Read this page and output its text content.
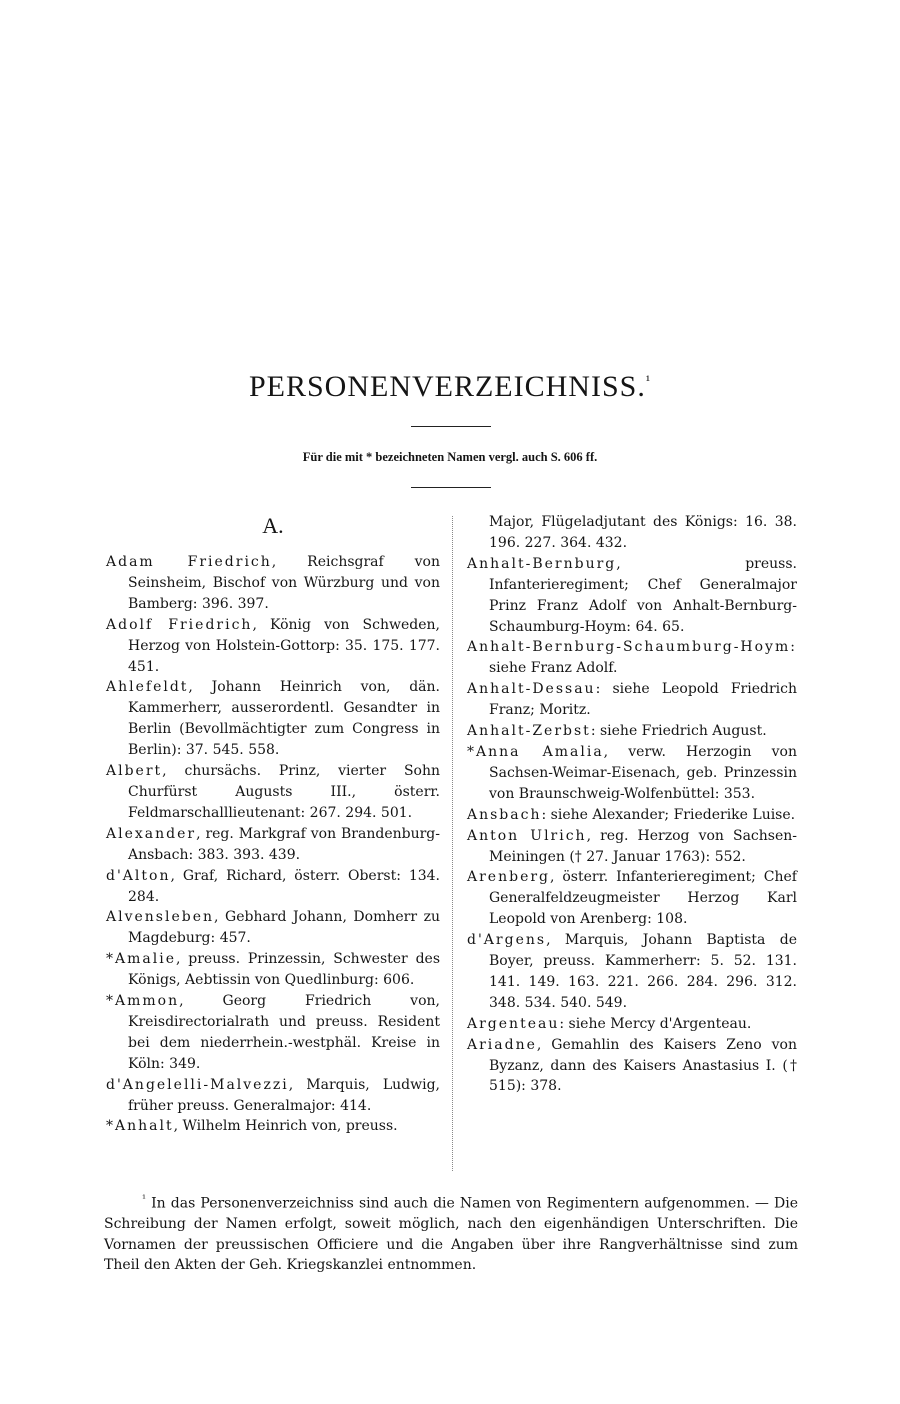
PERSONENVERZEICHNISS.$^{^1}$
Für die mit * bezeichneten Namen vergl. auch S. 606 ff.
A.

Adam Friedrich, Reichsgraf von Seinsheim, Bischof von Würzburg und von Bamberg: 396. 397.

Adolf Friedrich, König von Schweden, Herzog von Holstein-Gottorp: 35. 175. 177. 451.

Ahlefeldt, Johann Heinrich von, dän. Kammerherr, ausserordentl. Gesandter in Berlin (Bevollmächtigter zum Congress in Berlin): 37. 545. 558.

Albert, chursächs. Prinz, vierter Sohn Churfürst Augusts III., österr. Feldmarschalllieutenant: 267. 294. 501.

Alexander, reg. Markgraf von Brandenburg-Ansbach: 383. 393. 439.

d'Alton, Graf, Richard, österr. Oberst: 134. 284.

Alvensleben, Gebhard Johann, Domherr zu Magdeburg: 457.

*Amalie, preuss. Prinzessin, Schwester des Königs, Aebtissin von Quedlinburg: 606.

*Ammon, Georg Friedrich von, Kreisdirectorialrath und preuss. Resident bei dem niederrhein.-westphäl. Kreise in Köln: 349.

d'Angelelli-Malvezzi, Marquis, Ludwig, früher preuss. Generalmajor: 414.

*Anhalt, Wilhelm Heinrich von, preuss.

Major, Flügeladjutant des Königs: 16. 38. 196. 227. 364. 432.

Anhalt-Bernburg, preuss. Infanterieregiment; Chef Generalmajor Prinz Franz Adolf von Anhalt-Bernburg-Schaumburg-Hoym: 64. 65.

Anhalt-Bernburg-Schaumburg-Hoym: siehe Franz Adolf.

Anhalt-Dessau: siehe Leopold Friedrich Franz; Moritz.

Anhalt-Zerbst: siehe Friedrich August.

*Anna Amalia, verw. Herzogin von Sachsen-Weimar-Eisenach, geb. Prinzessin von Braunschweig-Wolfenbüttel: 353.

Ansbach: siehe Alexander; Friederike Luise.

Anton Ulrich, reg. Herzog von Sachsen-Meiningen († 27. Januar 1763): 552.

Arenberg, österr. Infanterieregiment; Chef Generalfeldzeugmeister Herzog Karl Leopold von Arenberg: 108.

d'Argens, Marquis, Johann Baptista de Boyer, preuss. Kammerherr: 5. 52. 131. 141. 149. 163. 221. 266. 284. 296. 312. 348. 534. 540. 549.

Argenteau: siehe Mercy d'Argenteau.

Ariadne, Gemahlin des Kaisers Zeno von Byzanz, dann des Kaisers Anastasius I. († 515): 378.

$^{^1}$ In das Personenverzeichniss sind auch die Namen von Regimentern aufgenommen. — Die Schreibung der Namen erfolgt, soweit möglich, nach den eigenhändigen Unterschriften. Die Vornamen der preussischen Officiere und die Angaben über ihre Rangverhältnisse sind zum Theil den Akten der Geh. Kriegskanzlei entnommen.
